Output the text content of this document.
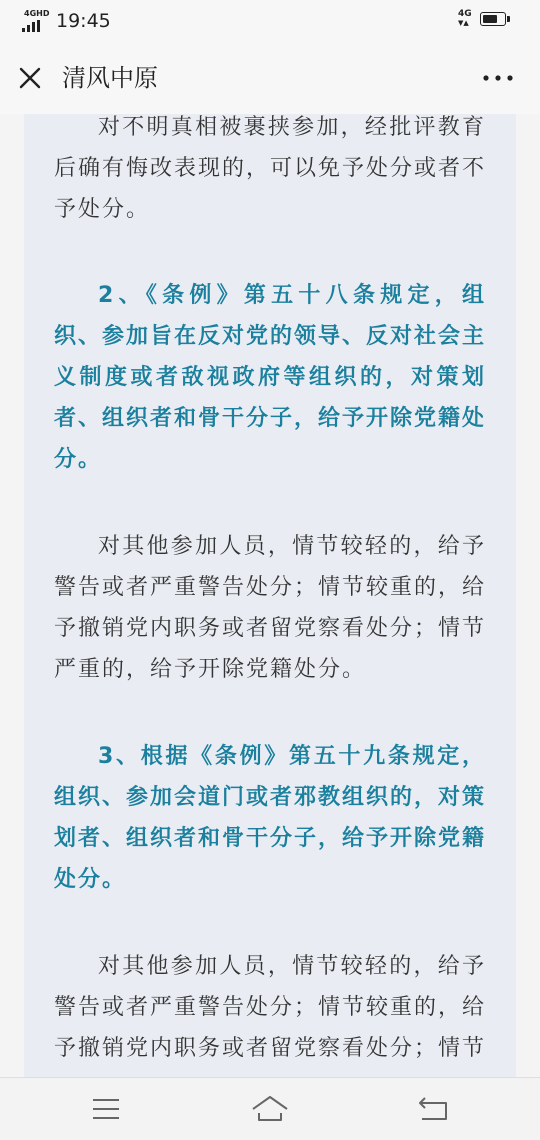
4GHD 19:45	4G
▼▲
清风中原

对不明真相被裹挟参加，经批评教育后确有悔改表现的，可以免予处分或者不予处分。

2、《条例》第五十八条规定，组织、参加旨在反对党的领导、反对社会主义制度或者敌视政府等组织的，对策划者、组织者和骨干分子，给予开除党籍处分。

对其他参加人员，情节较轻的，给予警告或者严重警告处分；情节较重的，给予撤销党内职务或者留党察看处分；情节严重的，给予开除党籍处分。

3、根据《条例》第五十九条规定，组织、参加会道门或者邪教组织的，对策划者、组织者和骨干分子，给予开除党籍处分。

对其他参加人员，情节较轻的，给予警告或者严重警告处分；情节较重的，给予撤销党内职务或者留党察看处分；情节
